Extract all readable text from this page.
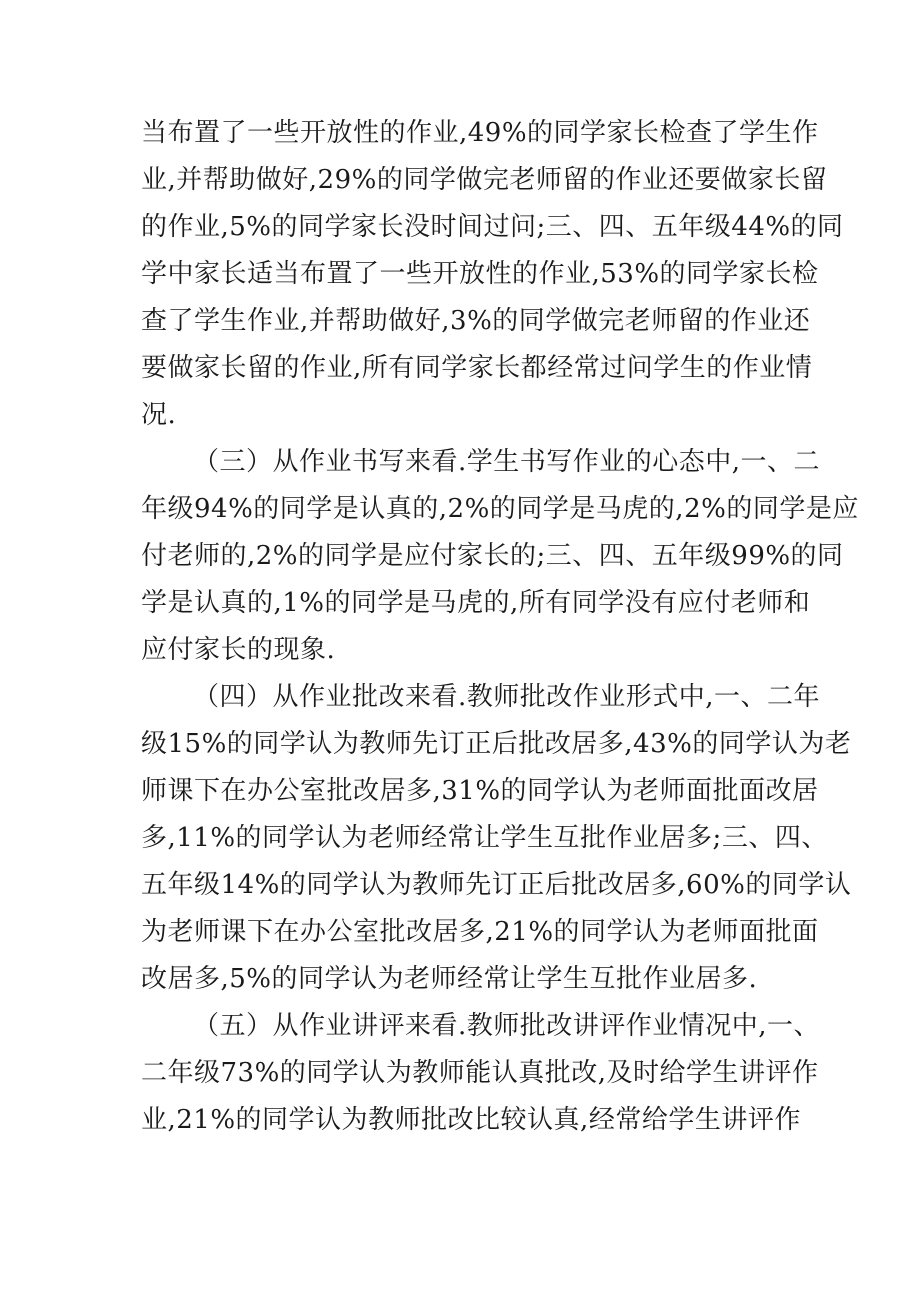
当布置了一些开放性的作业,49%的同学家长检查了学生作
业,并帮助做好,29%的同学做完老师留的作业还要做家长留
的作业,5%的同学家长没时间过问;三、四、五年级44%的同
学中家长适当布置了一些开放性的作业,53%的同学家长检
查了学生作业,并帮助做好,3%的同学做完老师留的作业还
要做家长留的作业,所有同学家长都经常过问学生的作业情
况.
（三）从作业书写来看.学生书写作业的心态中,一、二
年级94%的同学是认真的,2%的同学是马虎的,2%的同学是应
付老师的,2%的同学是应付家长的;三、四、五年级99%的同
学是认真的,1%的同学是马虎的,所有同学没有应付老师和
应付家长的现象.
（四）从作业批改来看.教师批改作业形式中,一、二年
级15%的同学认为教师先订正后批改居多,43%的同学认为老
师课下在办公室批改居多,31%的同学认为老师面批面改居
多,11%的同学认为老师经常让学生互批作业居多;三、四、
五年级14%的同学认为教师先订正后批改居多,60%的同学认
为老师课下在办公室批改居多,21%的同学认为老师面批面
改居多,5%的同学认为老师经常让学生互批作业居多.
（五）从作业讲评来看.教师批改讲评作业情况中,一、
二年级73%的同学认为教师能认真批改,及时给学生讲评作
业,21%的同学认为教师批改比较认真,经常给学生讲评作
